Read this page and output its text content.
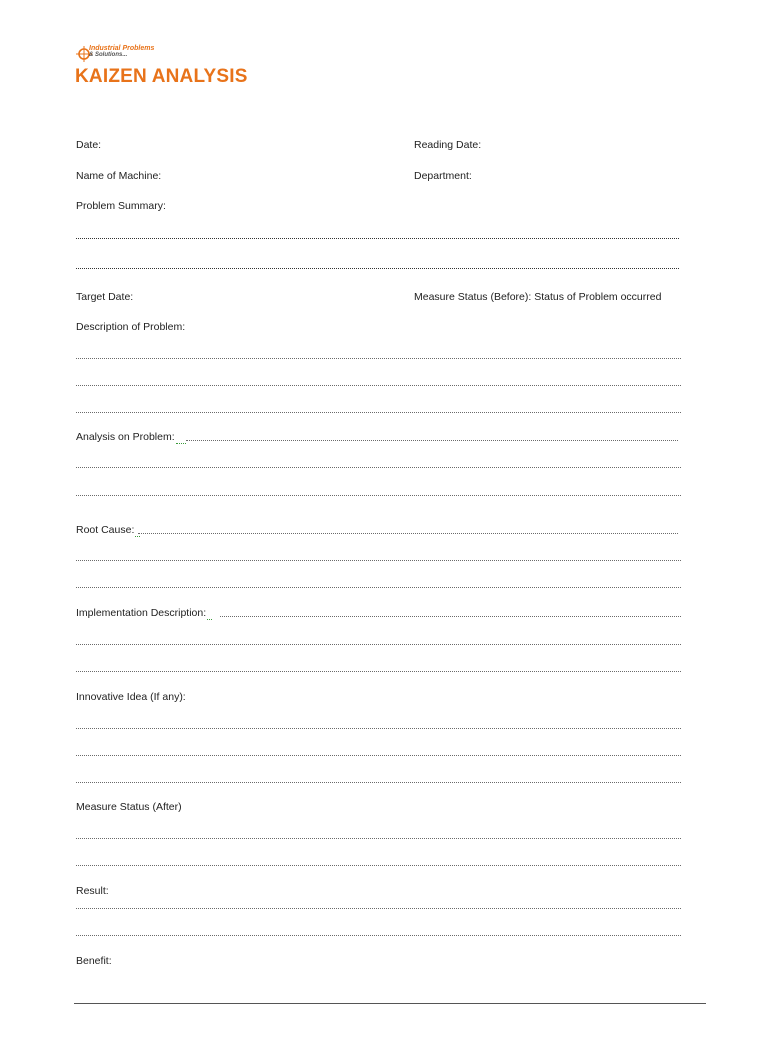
Industrial Problems
& Solutions...
KAIZEN ANALYSIS
Date:	Reading Date:
Name of Machine:	Department:
Problem Summary:
Target Date:	Measure Status (Before): Status of Problem occurred
Description of Problem:
Analysis on Problem:
Root Cause:
Implementation Description:
Innovative Idea (If any):
Measure Status (After)
Result:
Benefit:
